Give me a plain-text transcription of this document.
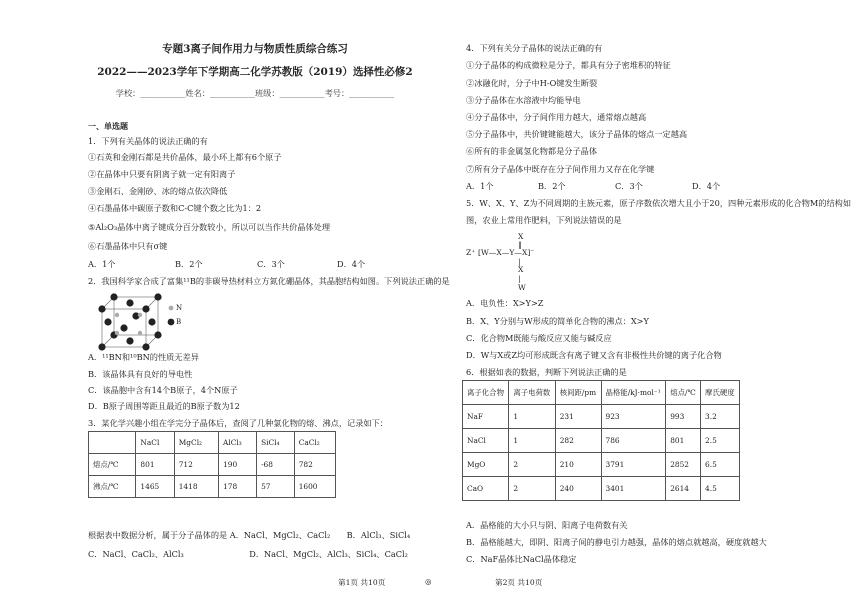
专题3离子间作用力与物质性质综合练习
2022——2023学年下学期高二化学苏教版（2019）选择性必修2
学校：___________姓名：___________班级：___________考号：___________
一、单选题
1．下列有关晶体的说法正确的有
①石英和金刚石都是共价晶体，最小环上都有6个原子
②在晶体中只要有阴离子就一定有阳离子
③金刚石、金刚砂、冰的熔点依次降低
④石墨晶体中碳原子数和C-C键个数之比为1：2
⑤Al₂O₃晶体中离子键成分百分数较小，所以可以当作共价晶体处理
⑥石墨晶体中只有σ键
A．1个	B．2个	C．3个	D．4个
2．我国科学家合成了富集¹¹B的非碳导热材料立方氮化硼晶体，其晶胞结构如图。下列说法正确的是
N
B
A．¹¹BN和¹⁰BN的性质无差异
B．该晶体具有良好的导电性
C．该晶胞中含有14个B原子，4个N原子
D．B原子周围等距且最近的B原子数为12
3．某化学兴趣小组在学完分子晶体后，查阅了几种氯化物的熔、沸点，记录如下：
	NaCl	MgCl₂	AlCl₃	SiCl₄	CaCl₂
熔点/℃	801	712	190	-68	782
沸点/℃	1465	1418	178	57	1600
根据表中数据分析，属于分子晶体的是 A．NaCl、MgCl₂、CaCl₂　　B．AlCl₃、SiCl₄
C．NaCl、CaCl₂、AlCl₃　　　　　　　　D．NaCl、MgCl₂、AlCl₃、SiCl₄、CaCl₂
第1页 共10页	◎	第2页 共10页
4．下列有关分子晶体的说法正确的有
①分子晶体的构成微粒是分子，都具有分子密堆积的特征
②冰融化时，分子中H-O键发生断裂
③分子晶体在水溶液中均能导电
④分子晶体中，分子间作用力越大，通常熔点越高
⑤分子晶体中，共价键键能越大，该分子晶体的熔点一定越高
⑥所有的非金属氢化物都是分子晶体
⑦所有分子晶体中既存在分子间作用力又存在化学键
A．1个	B．2个	C．3个	D．4个
5．W、X、Y、Z为不同周期的主族元素，原子序数依次增大且小于20，四种元素形成的化合物M的结构如
图，农业上常用作肥料，下列说法错误的是
X
‖
Z⁺ [W—X—Y—X]⁻
|
X
|
W
A．电负性：X>Y>Z
B．X、Y分别与W形成的简单化合物的沸点：X>Y
C．化合物M既能与酸反应又能与碱反应
D．W与X或Z均可形成既含有离子键又含有非极性共价键的离子化合物
6．根据如表的数据，判断下列说法正确的是
离子化合物	离子电荷数	核间距/pm	晶格能/kJ·mol⁻¹	熔点/℃	摩氏硬度
NaF	1	231	923	993	3.2
NaCl	1	282	786	801	2.5
MgO	2	210	3791	2852	6.5
CaO	2	240	3401	2614	4.5
A．晶格能的大小只与阴、阳离子电荷数有关
B．晶格能越大，即阴、阳离子间的静电引力越强，晶体的熔点就越高，硬度就越大
C．NaF晶体比NaCl晶体稳定
